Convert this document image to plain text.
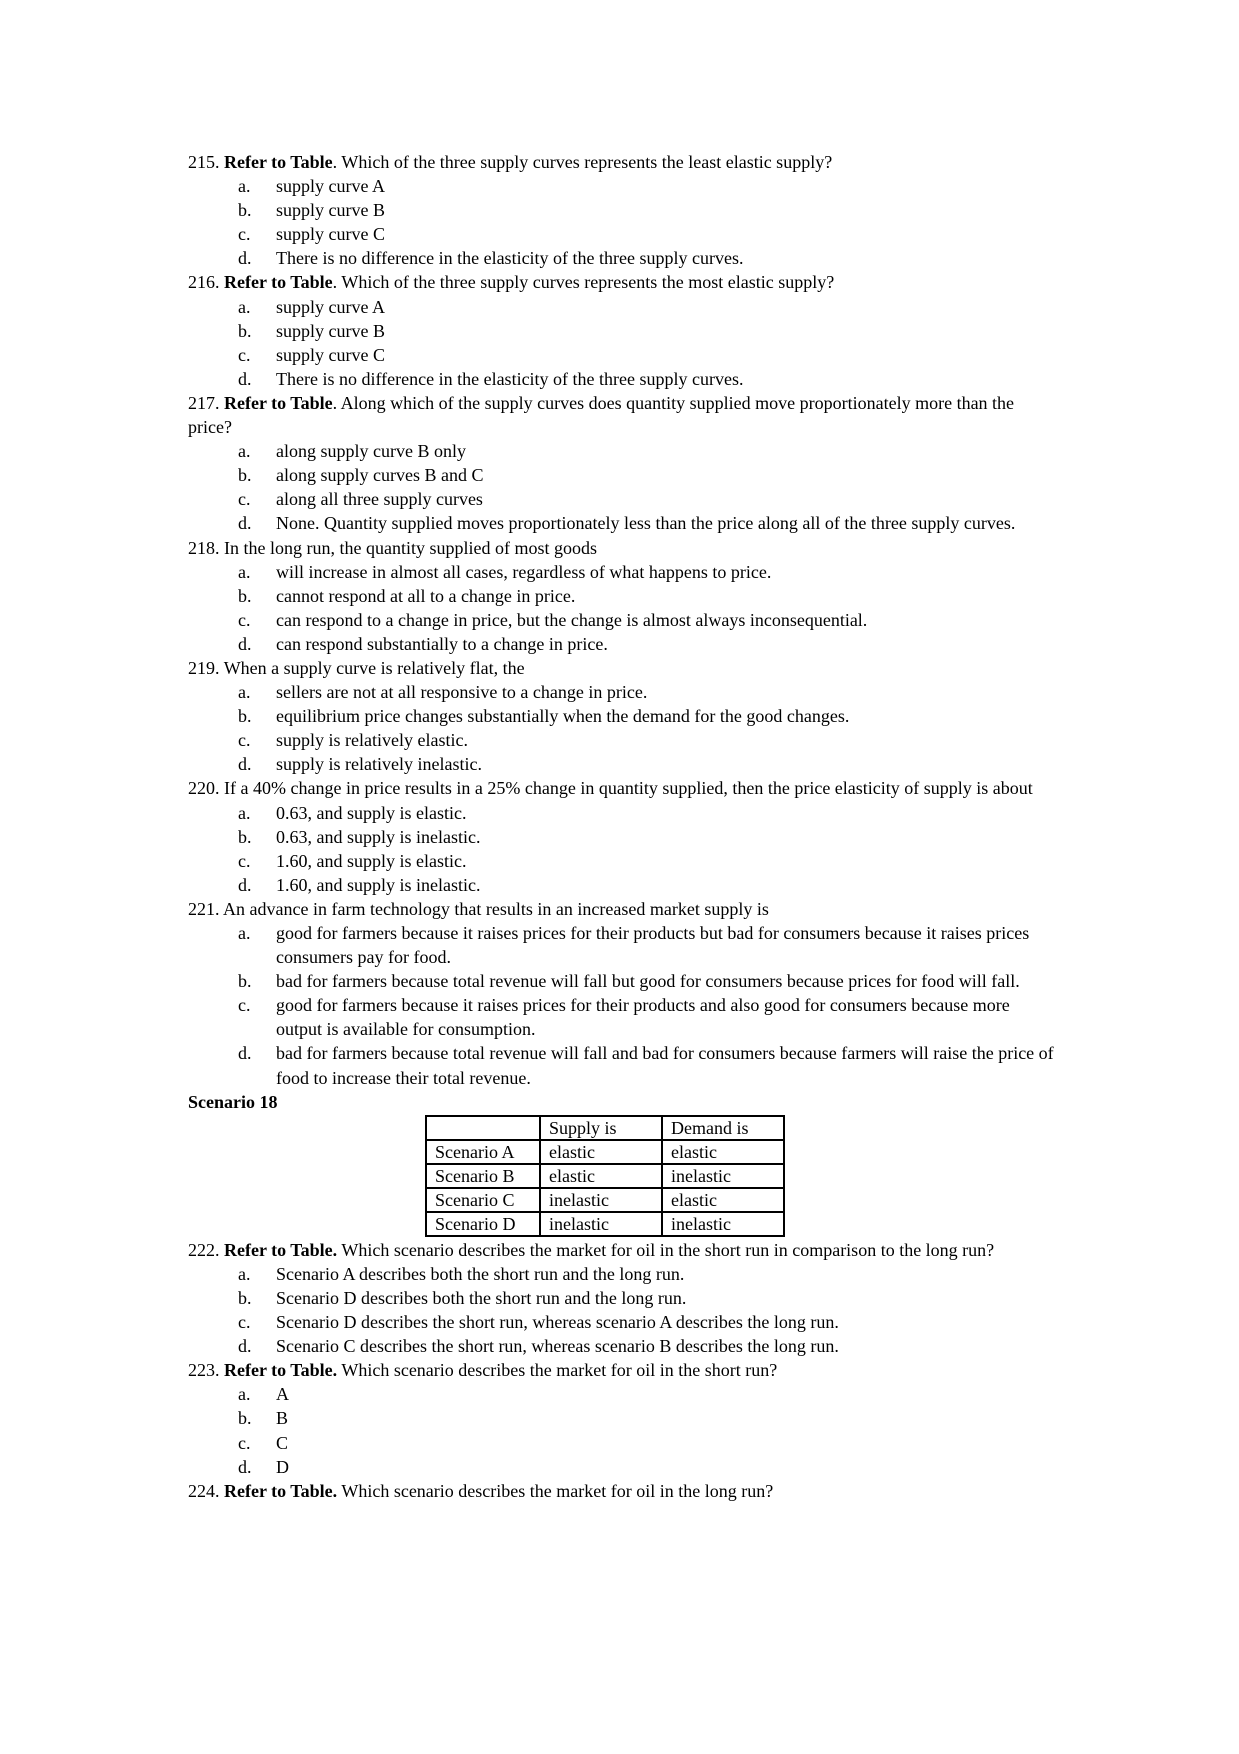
215. Refer to Table. Which of the three supply curves represents the least elastic supply?
a. supply curve A
b. supply curve B
c. supply curve C
d. There is no difference in the elasticity of the three supply curves.
216. Refer to Table. Which of the three supply curves represents the most elastic supply?
a. supply curve A
b. supply curve B
c. supply curve C
d. There is no difference in the elasticity of the three supply curves.
217. Refer to Table. Along which of the supply curves does quantity supplied move proportionately more than the price?
a. along supply curve B only
b. along supply curves B and C
c. along all three supply curves
d. None. Quantity supplied moves proportionately less than the price along all of the three supply curves.
218. In the long run, the quantity supplied of most goods
a. will increase in almost all cases, regardless of what happens to price.
b. cannot respond at all to a change in price.
c. can respond to a change in price, but the change is almost always inconsequential.
d. can respond substantially to a change in price.
219. When a supply curve is relatively flat, the
a. sellers are not at all responsive to a change in price.
b. equilibrium price changes substantially when the demand for the good changes.
c. supply is relatively elastic.
d. supply is relatively inelastic.
220. If a 40% change in price results in a 25% change in quantity supplied, then the price elasticity of supply is about
a. 0.63, and supply is elastic.
b. 0.63, and supply is inelastic.
c. 1.60, and supply is elastic.
d. 1.60, and supply is inelastic.
221. An advance in farm technology that results in an increased market supply is
a. good for farmers because it raises prices for their products but bad for consumers because it raises prices consumers pay for food.
b. bad for farmers because total revenue will fall but good for consumers because prices for food will fall.
c. good for farmers because it raises prices for their products and also good for consumers because more output is available for consumption.
d. bad for farmers because total revenue will fall and bad for consumers because farmers will raise the price of food to increase their total revenue.
Scenario 18
	Supply is	Demand is
Scenario A	elastic	elastic
Scenario B	elastic	inelastic
Scenario C	inelastic	elastic
Scenario D	inelastic	inelastic
222. Refer to Table. Which scenario describes the market for oil in the short run in comparison to the long run?
a. Scenario A describes both the short run and the long run.
b. Scenario D describes both the short run and the long run.
c. Scenario D describes the short run, whereas scenario A describes the long run.
d. Scenario C describes the short run, whereas scenario B describes the long run.
223. Refer to Table. Which scenario describes the market for oil in the short run?
a. A
b. B
c. C
d. D
224. Refer to Table. Which scenario describes the market for oil in the long run?
